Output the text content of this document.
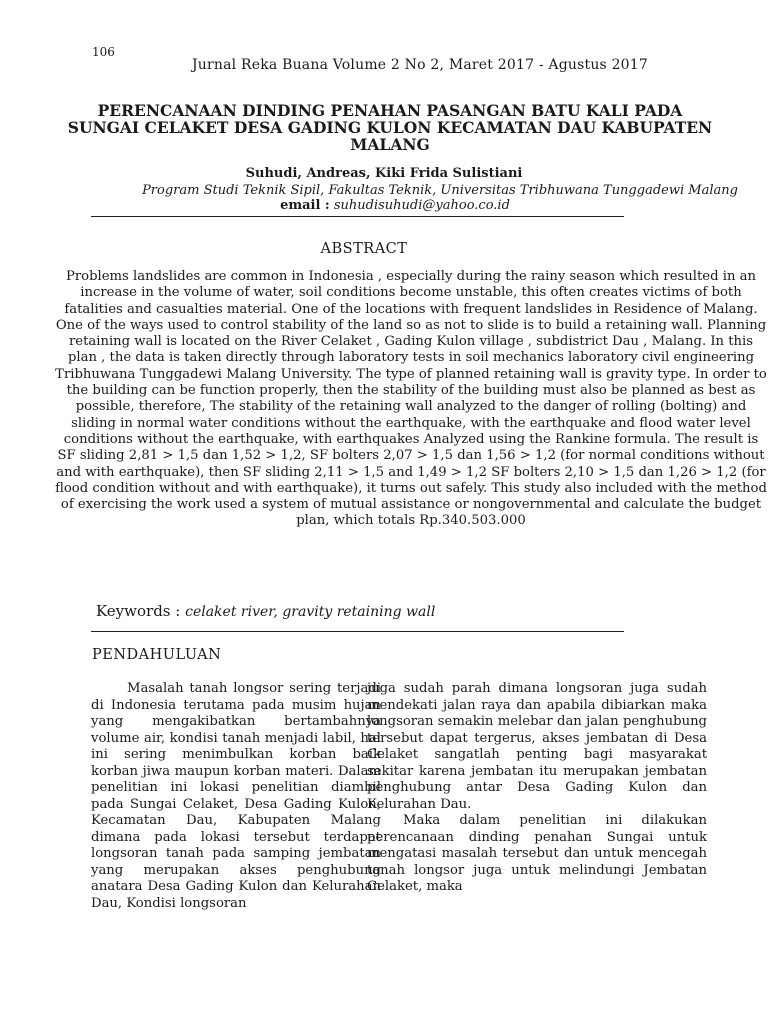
106
Jurnal Reka Buana Volume 2 No 2, Maret 2017 - Agustus 2017
PERENCANAAN DINDING PENAHAN PASANGAN BATU KALI PADA SUNGAI CELAKET DESA GADING KULON KECAMATAN DAU KABUPATEN MALANG
Suhudi, Andreas, Kiki Frida Sulistiani
Program Studi Teknik Sipil, Fakultas Teknik, Universitas Tribhuwana Tunggadewi Malang
email : suhudisuhudi@yahoo.co.id
ABSTRACT
Problems landslides are common in Indonesia , especially during the rainy season which resulted in an increase in the volume of water, soil conditions become unstable, this often creates victims of both fatalities and casualties material. One of the locations with frequent landslides in Residence of Malang. One of the ways used to control stability of the land so as not to slide is to build a retaining wall. Planning retaining wall is located on the River Celaket , Gading Kulon village , subdistrict Dau , Malang. In this plan , the data is taken directly through laboratory tests in soil mechanics laboratory civil engineering Tribhuwana Tunggadewi Malang University. The type of planned retaining wall is gravity type. In order to the building can be function properly, then the stability of the building must also be planned as best as possible, therefore, The stability of the retaining wall analyzed to the danger of rolling (bolting) and sliding in normal water conditions without the earthquake, with the earthquake and flood water level conditions without the earthquake, with earthquakes Analyzed using the Rankine formula. The result is SF sliding 2,81 > 1,5 dan 1,52 > 1,2, SF bolters 2,07 > 1,5 dan 1,56 > 1,2 (for normal conditions without and with earthquake), then SF sliding 2,11 > 1,5 and 1,49 > 1,2 SF bolters 2,10 > 1,5 dan 1,26 > 1,2 (for flood condition without and with earthquake), it turns out safely. This study also included with the method of exercising the work used a system of mutual assistance or nongovernmental and calculate the budget plan, which totals Rp.340.503.000
Keywords : celaket river, gravity retaining wall
PENDAHULUAN

Masalah tanah longsor sering terjadi di Indonesia terutama pada musim hujan yang mengakibatkan bertambahnya volume air, kondisi tanah menjadi labil, hal ini sering menimbulkan korban baik korban jiwa maupun korban materi. Dalam penelitian ini lokasi penelitian diambil pada Sungai Celaket, Desa Gading Kulon, Kecamatan Dau, Kabupaten Malang dimana pada lokasi tersebut terdapat longsoran tanah pada samping jembatan yang merupakan akses penghubung anatara Desa Gading Kulon dan Kelurahan Dau, Kondisi longsoran

juga sudah parah dimana longsoran juga sudah mendekati jalan raya dan apabila dibiarkan maka longsoran semakin melebar dan jalan penghubung tersebut dapat tergerus, akses jembatan di Desa Celaket sangatlah penting bagi masyarakat sekitar karena jembatan itu merupakan jembatan penghubung antar Desa Gading Kulon dan Kelurahan Dau.

Maka dalam penelitian ini dilakukan perencanaan dinding penahan Sungai untuk mengatasi masalah tersebut dan untuk mencegah tanah longsor juga untuk melindungi Jembatan Celaket, maka
